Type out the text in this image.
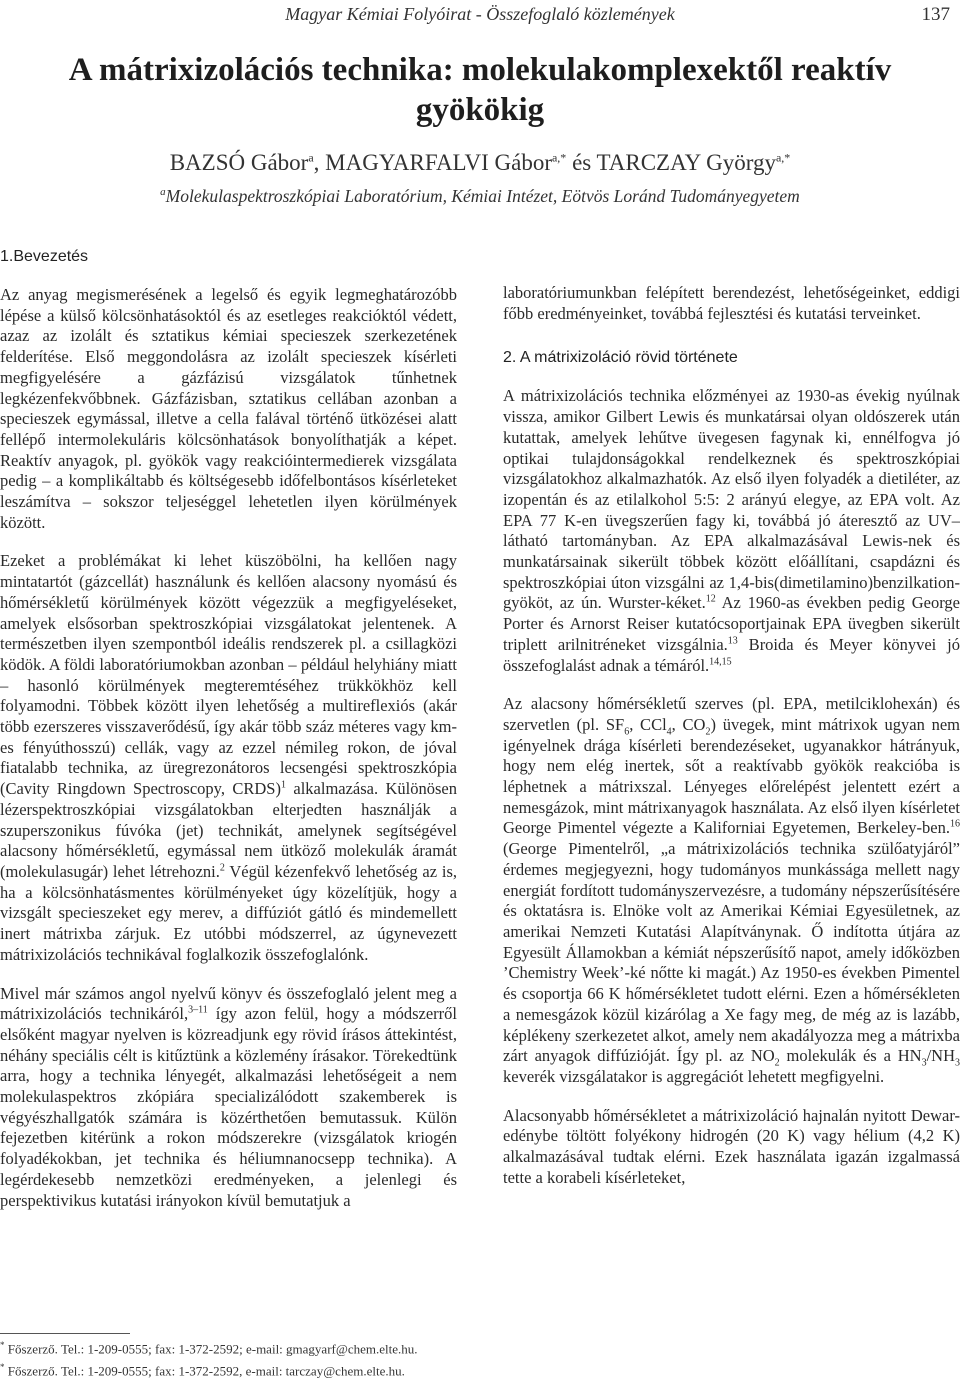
Magyar Kémiai Folyóirat - Összefoglaló közlemények	137
A mátrixizolációs technika: molekulakomplexektől reaktív gyökökig
BAZSÓ Gábor$^a$, MAGYARFALVI Gábor$^{a,*}$ és TARCZAY György$^{a,*}$
$^a$Molekulaspektroszkópiai Laboratórium, Kémiai Intézet, Eötvös Loránd Tudományegyetem
1.Bevezetés

Az anyag megismerésének a legelső és egyik legmeghatározóbb lépése a külső kölcsönhatásoktól és az esetleges reakcióktól védett, azaz az izolált és sztatikus kémiai specieszek szerkezetének felderítése. Első meggondolásra az izolált specieszek kísérleti megfigyelésére a gázfázisú vizsgálatok tűnhetnek legkézenfekvőbbnek. Gázfázisban, sztatikus cellában azonban a specieszek egymással, illetve a cella falával történő ütközései alatt fellépő intermolekuláris kölcsönhatások bonyolíthatják a képet. Reaktív anyagok, pl. gyökök vagy reakcióintermedierek vizsgálata pedig – a komplikáltabb és költségesebb időfelbontásos kísérleteket leszámítva – sokszor teljeséggel lehetetlen ilyen körülmények között.

Ezeket a problémákat ki lehet küszöbölni, ha kellően nagy mintatartót (gázcellát) használunk és kellően alacsony nyomású és hőmérsékletű körülmények között végezzük a megfigyeléseket, amelyek elsősorban spektroszkópiai vizsgálatokat jelentenek. A természetben ilyen szempontból ideális rendszerek pl. a csillagközi ködök. A földi laboratóriumokban azonban – például helyhiány miatt – hasonló körülmények megteremtéséhez trükkökhöz kell folyamodni. Többek között ilyen lehetőség a multireflexiós (akár több ezerszeres visszaverődésű, így akár több száz méteres vagy km-es fényúthosszú) cellák, vagy az ezzel némileg rokon, de jóval fiatalabb technika, az üregrezonátoros lecsengési spektroszkópia (Cavity Ringdown Spectroscopy, CRDS)$^1$ alkalmazása. Különösen lézerspektroszkópiai vizsgálatokban elterjedten használják a szuperszonikus fúvóka (jet) technikát, amelynek segítségével alacsony hőmérsékletű, egymással nem ütköző molekulák áramát (molekulasugár) lehet létrehozni.$^2$ Végül kézenfekvő lehetőség az is, ha a kölcsönhatásmentes körülményeket úgy közelítjük, hogy a vizsgált specieszeket egy merev, a diffúziót gátló és mindemellett inert mátrixba zárjuk. Ez utóbbi módszerrel, az úgynevezett mátrixizolációs technikával foglalkozik összefoglalónk.

Mivel már számos angol nyelvű könyv és összefoglaló jelent meg a mátrixizolációs technikáról,$^{3-11}$ így azon felül, hogy a módszerről elsőként magyar nyelven is közreadjunk egy rövid írásos áttekintést, néhány speciális célt is kitűztünk a közlemény írásakor. Törekedtünk arra, hogy a technika lényegét, alkalmazási lehetőségeit a nem molekulaspektros zkópiára specializálódott szakemberek is végyészhallgatók számára is közérthetően bemutassuk. Külön fejezetben kitérünk a rokon módszerekre (vizsgálatok kriogén folyadékokban, jet technika és héliumnanocsepp technika). A legérdekesebb nemzetközi eredményeken, a jelenlegi és perspektivikus kutatási irányokon kívül bemutatjuk a

laboratóriumunkban felépített berendezést, lehetőségeinket, eddigi főbb eredményeinket, továbbá fejlesztési és kutatási terveinket.

2. A mátrixizoláció rövid története

A mátrixizolációs technika előzményei az 1930-as évekig nyúlnak vissza, amikor Gilbert Lewis és munkatársai olyan oldószerek után kutattak, amelyek lehűtve üvegesen fagynak ki, ennélfogva jó optikai tulajdonságokkal rendelkeznek és spektroszkópiai vizsgálatokhoz alkalmazhatók. Az első ilyen folyadék a dietiléter, az izopentán és az etilalkohol 5:5: 2 arányú elegye, az EPA volt. Az EPA 77 K-en üvegszerűen fagy ki, továbbá jó áteresztő az UV–látható tartományban. Az EPA alkalmazásával Lewis-nek és munkatársainak sikerült többek között előállítani, csapdázni és spektroszkópiai úton vizsgálni az 1,4-bis(dimetilamino)benzilkation-gyököt, az ún. Wurster-kéket.$^{12}$ Az 1960-as években pedig George Porter és Arnorst Reiser kutatócsoportjainak EPA üvegben sikerült triplett arilnitréneket vizsgálnia.$^{13}$ Broida és Meyer könyvei jó összefoglalást adnak a témáról.$^{14,15}$

Az alacsony hőmérsékletű szerves (pl. EPA, metilciklohexán) és szervetlen (pl. $SF_6$, CCl$_4$, $CO_2$) üvegek, mint mátrixok ugyan nem igényelnek drága kísérleti berendezéseket, ugyanakkor hátrányuk, hogy nem elég inertek, sőt a reaktívabb gyökök reakcióba is léphetnek a mátrixszal. Lényeges előrelépést jelentett ezért a nemesgázok, mint mátrixanyagok használata. Az első ilyen kísérletet George Pimentel végezte a Kaliforniai Egyetemen, Berkeley-ben.$^{16}$ (George Pimentelről, „a mátrixizolációs technika szülőatyjáról” érdemes megjegyezni, hogy tudományos munkássága mellett nagy energiát fordított tudományszervezésre, a tudomány népszerűsítésére és oktatásra is. Elnöke volt az Amerikai Kémiai Egyesületnek, az amerikai Nemzeti Kutatási Alapítványnak. Ő indította útjára az Egyesült Államokban a kémiát népszerűsítő napot, amely időközben ’Chemistry Week’-ké nőtte ki magát.) Az 1950-es években Pimentel és csoportja 66 K hőmérsékletet tudott elérni. Ezen a hőmérsékleten a nemesgázok közül kizárólag a Xe fagy meg, de még az is lazább, képlékeny szerkezetet alkot, amely nem akadályozza meg a mátrixba zárt anyagok diffúzióját. Így pl. az $NO_2$ molekulák és a $HN_3/NH_3$ keverék vizsgálatakor is aggregációt lehetett megfigyelni.

Alacsonyabb hőmérsékletet a mátrixizoláció hajnalán nyitott Dewar-edénybe töltött folyékony hidrogén (20 K) vagy hélium (4,2 K) alkalmazásával tudtak elérni. Ezek használata igazán izgalmassá tette a korabeli kísérleteket,

* Főszerző. Tel.: 1-209-0555; fax: 1-372-2592; e-mail: gmagyarf@chem.elte.hu.
* Főszerző. Tel.: 1-209-0555; fax: 1-372-2592, e-mail: tarczay@chem.elte.hu.
